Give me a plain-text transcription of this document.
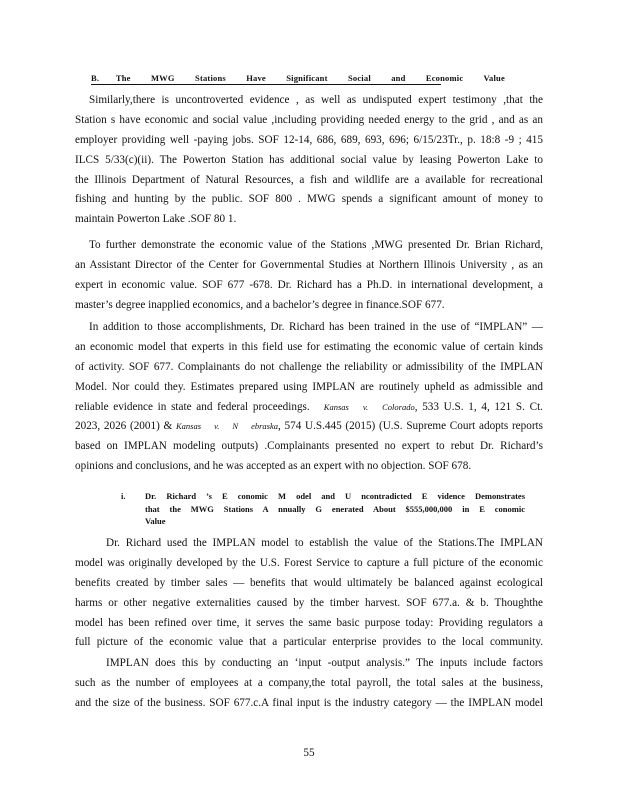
B. The MWG Stations Have Significant Social and Economic Value
Similarly,there is uncontroverted evidence , as well as undisputed expert testimony ,that the
Station s have economic and social value ,including providing needed energy to the grid , and as an
employer providing well -paying jobs. SOF 12-14, 686, 689, 693, 696; 6/15/23Tr., p. 18:8 -9 ; 415
ILCS 5/33(c)(ii). The Powerton Station has additional social value by leasing Powerton Lake to
the Illinois Department of Natural Resources, a fish and wildlife are a available for recreational
fishing and hunting by the public. SOF 800 . MWG spends a significant amount of money to
maintain Powerton Lake .SOF 80 1.
To further demonstrate the economic value of the Stations ,MWG presented Dr. Brian Richard,
an Assistant Director of the Center for Governmental Studies at Northern Illinois University , as an
expert in economic value. SOF 677 -678. Dr. Richard has a Ph.D. in international development, a
master’s degree inapplied economics, and a bachelor’s degree in finance.SOF 677.
In addition to those accomplishments, Dr. Richard has been trained in the use of “IMPLAN” —
an economic model that experts in this field use for estimating the economic value of certain kinds
of activity. SOF 677. Complainants do not challenge the reliability or admissibility of the IMPLAN
Model. Nor could they. Estimates prepared using IMPLAN are routinely upheld as admissible and
reliable evidence in state and federal proceedings. Kansas v. Colorado, 533 U.S. 1, 4, 121 S. Ct.
2023, 2026 (2001) & Kansas v. N ebraska, 574 U.S.445 (2015) (U.S. Supreme Court adopts reports
based on IMPLAN modeling outputs) .Complainants presented no expert to rebut Dr. Richard’s
opinions and conclusions, and he was accepted as an expert with no objection. SOF 678.
i. Dr. Richard ’s E conomic M odel and U ncontradicted E vidence Demonstrates
that the MWG Stations A nnually G enerated About $555,000,000 in E conomic
Value
Dr. Richard used the IMPLAN model to establish the value of the Stations.The IMPLAN
model was originally developed by the U.S. Forest Service to capture a full picture of the economic
benefits created by timber sales — benefits that would ultimately be balanced against ecological
harms or other negative externalities caused by the timber harvest. SOF 677.a. & b. Thoughthe
model has been refined over time, it serves the same basic purpose today: Providing regulators a
full picture of the economic value that a particular enterprise provides to the local community.
IMPLAN does this by conducting an ‘input -output analysis.” The inputs include factors
such as the number of employees at a company,the total payroll, the total sales at the business,
and the size of the business. SOF 677.c.A final input is the industry category — the IMPLAN model
55
